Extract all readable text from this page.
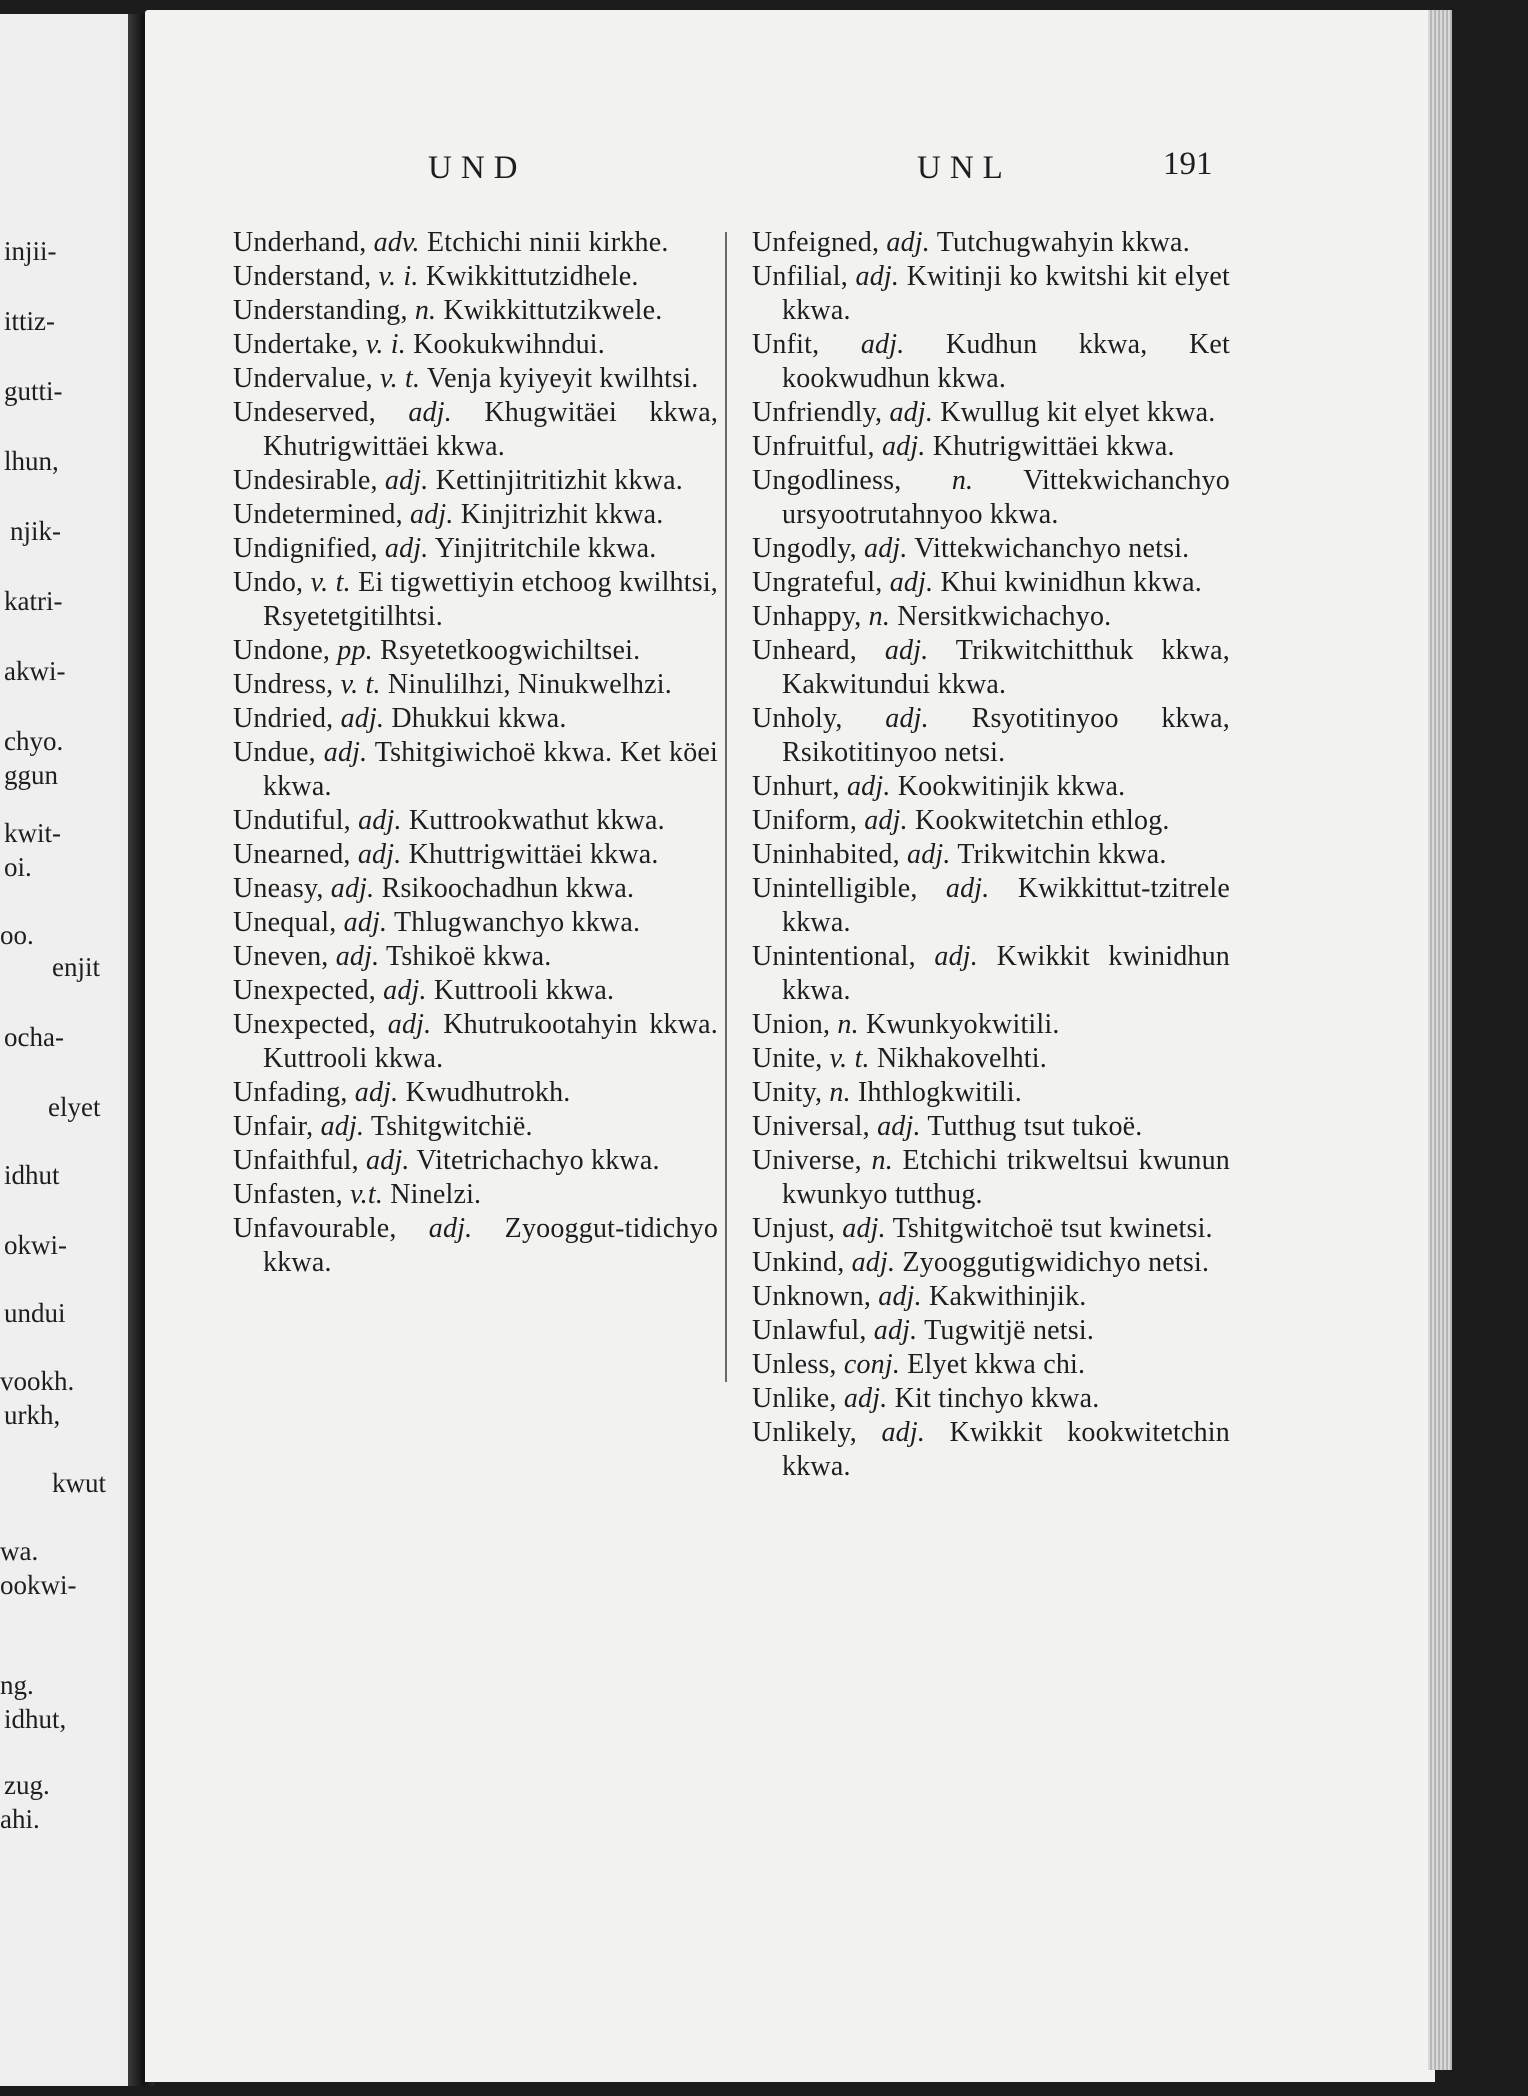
injii-
ittiz-
gutti-
lhun,
njik-
katri-
akwi-
chyo.
ggun
kwit-
oi.
oo.
enjit
ocha-
elyet
idhut
okwi-
undui
vookh.
urkh,
kwut
wa.
ookwi-
ng.
idhut,
zug.
ahi.
UND	UNL	191

Underhand, adv. Etchichi ninii kirkhe.

Understand, v. i. Kwikkittutzidhele.

Understanding, n. Kwikkittutzikwele.

Undertake, v. i. Kookukwihndui.

Undervalue, v. t. Venja kyiyeyit kwilhtsi.

Undeserved, adj. Khugwitäei kkwa, Khutrigwittäei kkwa.

Undesirable, adj. Kettinjitritizhit kkwa.

Undetermined, adj. Kinjitrizhit kkwa.

Undignified, adj. Yinjitritchile kkwa.

Undo, v. t. Ei tigwettiyin etchoog kwilhtsi, Rsyetetgitilhtsi.

Undone, pp. Rsyetetkoogwichiltsei.

Undress, v. t. Ninulilhzi, Ninukwelhzi.

Undried, adj. Dhukkui kkwa.

Undue, adj. Tshitgiwichoë kkwa. Ket köei kkwa.

Undutiful, adj. Kuttrookwathut kkwa.

Unearned, adj. Khuttrigwittäei kkwa.

Uneasy, adj. Rsikoochadhun kkwa.

Unequal, adj. Thlugwanchyo kkwa.

Uneven, adj. Tshikoë kkwa.

Unexpected, adj. Kuttrooli kkwa.

Unexpected, adj. Khutrukootahyin kkwa. Kuttrooli kkwa.

Unfading, adj. Kwudhutrokh.

Unfair, adj. Tshitgwitchië.

Unfaithful, adj. Vitetrichachyo kkwa.

Unfasten, v.t. Ninelzi.

Unfavourable, adj. Zyooggut-tidichyo kkwa.

Unfeigned, adj. Tutchugwahyin kkwa.

Unfilial, adj. Kwitinji ko kwitshi kit elyet kkwa.

Unfit, adj. Kudhun kkwa, Ket kookwudhun kkwa.

Unfriendly, adj. Kwullug kit elyet kkwa.

Unfruitful, adj. Khutrigwittäei kkwa.

Ungodliness, n. Vittekwichanchyo ursyootrutahnyoo kkwa.

Ungodly, adj. Vittekwichanchyo netsi.

Ungrateful, adj. Khui kwinidhun kkwa.

Unhappy, n. Nersitkwichachyo.

Unheard, adj. Trikwitchitthuk kkwa, Kakwitundui kkwa.

Unholy, adj. Rsyotitinyoo kkwa, Rsikotitinyoo netsi.

Unhurt, adj. Kookwitinjik kkwa.

Uniform, adj. Kookwitetchin ethlog.

Uninhabited, adj. Trikwitchin kkwa.

Unintelligible, adj. Kwikkittut-tzitrele kkwa.

Unintentional, adj. Kwikkit kwinidhun kkwa.

Union, n. Kwunkyokwitili.

Unite, v. t. Nikhakovelhti.

Unity, n. Ihthlogkwitili.

Universal, adj. Tutthug tsut tukoë.

Universe, n. Etchichi trikweltsui kwunun kwunkyo tutthug.

Unjust, adj. Tshitgwitchoë tsut kwinetsi.

Unkind, adj. Zyooggutigwidichyo netsi.

Unknown, adj. Kakwithinjik.

Unlawful, adj. Tugwitjë netsi.

Unless, conj. Elyet kkwa chi.

Unlike, adj. Kit tinchyo kkwa.

Unlikely, adj. Kwikkit kookwitetchin kkwa.
